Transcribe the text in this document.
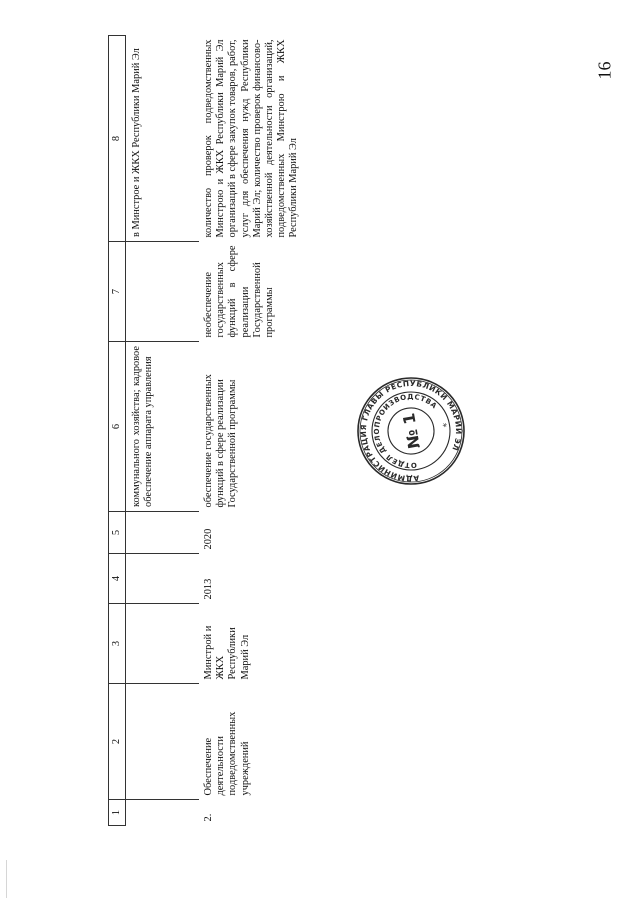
16
1	2	3	4	5	6	7	8
					коммунального хозяйства; кадровое обеспечение аппарата управления		в Минстрое и ЖКХ Республики Марий Эл
2.	Обеспечение деятельности подведомственных учреждений	Минстрой и ЖКХ Республики Марий Эл	2013	2020	обеспечение государственных функций в сфере реализации Государственной программы	необеспечение государственных функций в сфере реализации Государственной программы	количество проверок подведомственных Минстрою и ЖКХ Республики Марий Эл организаций в сфере закупок товаров, работ, услуг для обеспечения нужд Республики Марий Эл; количество проверок финансово-хозяйственной деятельности организаций, подведомственных Минстрою и ЖКХ Республики Марий Эл
АДМИНИСТРАЦИЯ ГЛАВЫ РЕСПУБЛИКИ МАРИЙ ЭЛ
ОТДЕЛ ДЕЛОПРОИЗВОДСТВА
*
№ 1
